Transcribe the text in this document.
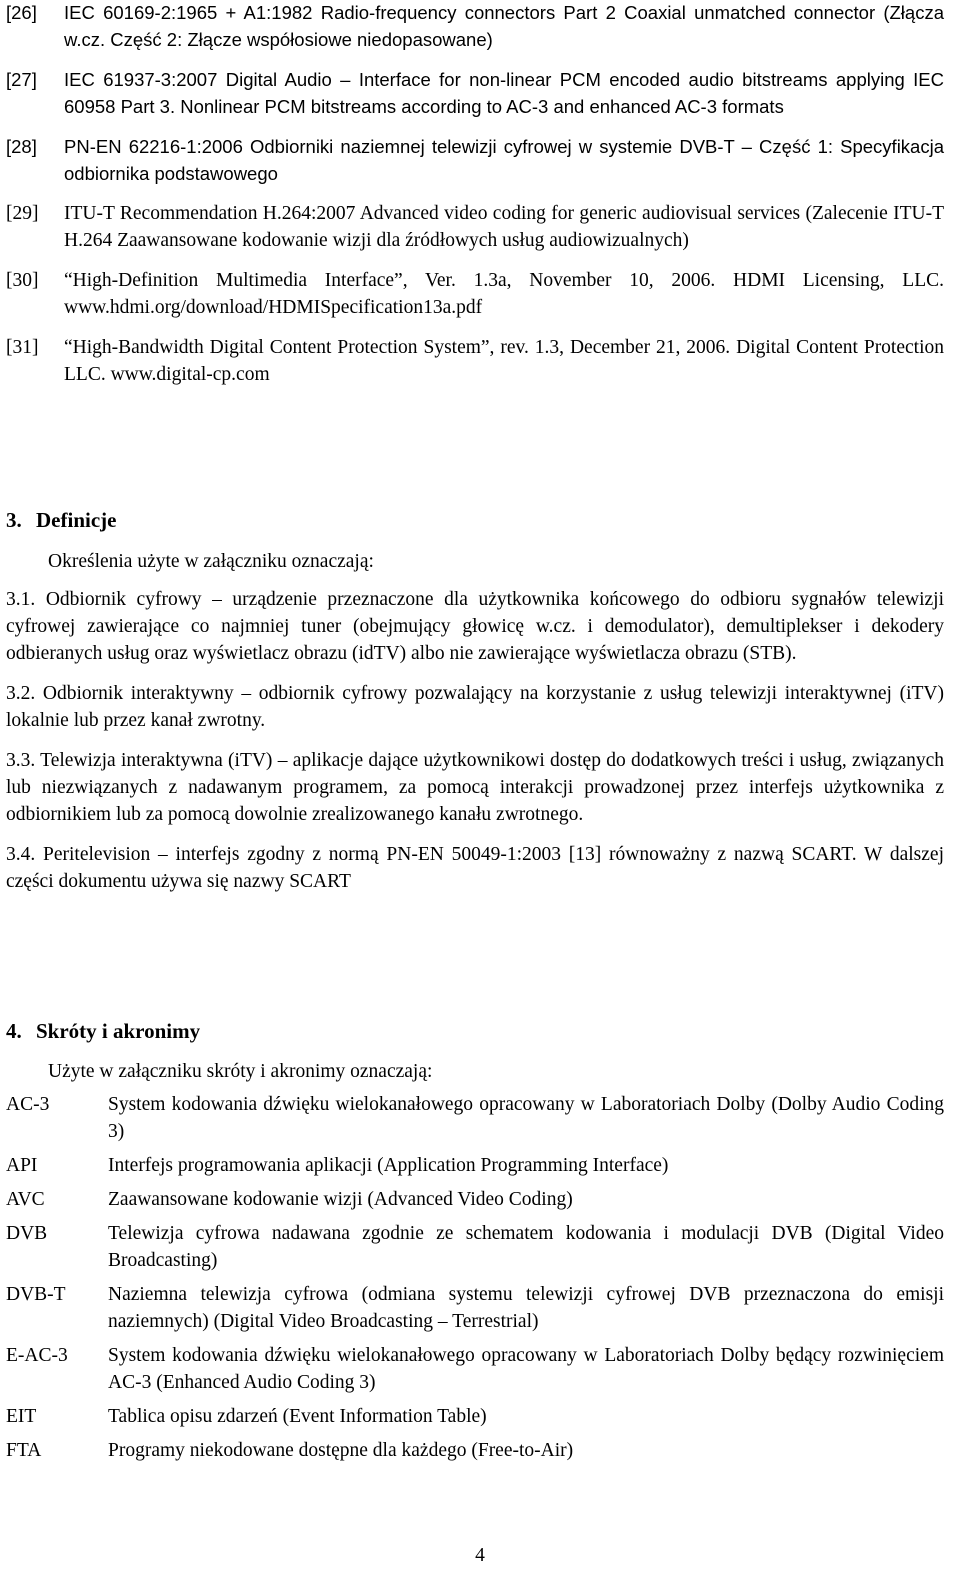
[26]	IEC 60169-2:1965 + A1:1982 Radio-frequency connectors Part 2 Coaxial unmatched connector (Złącza w.cz. Część 2: Złącze współosiowe niedopasowane)
[27]	IEC 61937-3:2007 Digital Audio – Interface for non-linear PCM encoded audio bitstreams applying IEC 60958 Part 3. Nonlinear PCM bitstreams according to AC-3 and enhanced AC-3 formats
[28]	PN-EN 62216-1:2006 Odbiorniki naziemnej telewizji cyfrowej w systemie DVB-T – Część 1: Specyfikacja odbiornika podstawowego
[29]	ITU-T Recommendation H.264:2007 Advanced video coding for generic audiovisual services (Zalecenie ITU-T H.264 Zaawansowane kodowanie wizji dla źródłowych usług audiowizualnych)
[30]	“High-Definition Multimedia Interface”, Ver. 1.3a, November 10, 2006. HDMI Licensing, LLC. www.hdmi.org/download/HDMISpecification13a.pdf
[31]	“High-Bandwidth Digital Content Protection System”, rev. 1.3, December 21, 2006. Digital Content Protection LLC. www.digital-cp.com
3. Definicje
Określenia użyte w załączniku oznaczają:
3.1. Odbiornik cyfrowy – urządzenie przeznaczone dla użytkownika końcowego do odbioru sygnałów telewizji cyfrowej zawierające co najmniej tuner (obejmujący głowicę w.cz. i demodulator), demultiplekser i dekodery odbieranych usług oraz wyświetlacz obrazu (idTV) albo nie zawierające wyświetlacza obrazu (STB).
3.2. Odbiornik interaktywny – odbiornik cyfrowy pozwalający na korzystanie z usług telewizji interaktywnej (iTV) lokalnie lub przez kanał zwrotny.
3.3. Telewizja interaktywna (iTV) – aplikacje dające użytkownikowi dostęp do dodatkowych treści i usług, związanych lub niezwiązanych z nadawanym programem, za pomocą interakcji prowadzonej przez interfejs użytkownika z odbiornikiem lub za pomocą dowolnie zrealizowanego kanału zwrotnego.
3.4. Peritelevision – interfejs zgodny z normą PN-EN 50049-1:2003 [13] równoważny z nazwą SCART. W dalszej części dokumentu używa się nazwy SCART
4. Skróty i akronimy
Użyte w załączniku skróty i akronimy oznaczają:
AC-3	System kodowania dźwięku wielokanałowego opracowany w Laboratoriach Dolby (Dolby Audio Coding 3)
API	Interfejs programowania aplikacji (Application Programming Interface)
AVC	Zaawansowane kodowanie wizji (Advanced Video Coding)
DVB	Telewizja cyfrowa nadawana zgodnie ze schematem kodowania i modulacji DVB (Digital Video Broadcasting)
DVB-T	Naziemna telewizja cyfrowa (odmiana systemu telewizji cyfrowej DVB przeznaczona do emisji naziemnych) (Digital Video Broadcasting – Terrestrial)
E-AC-3	System kodowania dźwięku wielokanałowego opracowany w Laboratoriach Dolby będący rozwinięciem AC-3 (Enhanced Audio Coding 3)
EIT	Tablica opisu zdarzeń (Event Information Table)
FTA	Programy niekodowane dostępne dla każdego (Free-to-Air)
4
